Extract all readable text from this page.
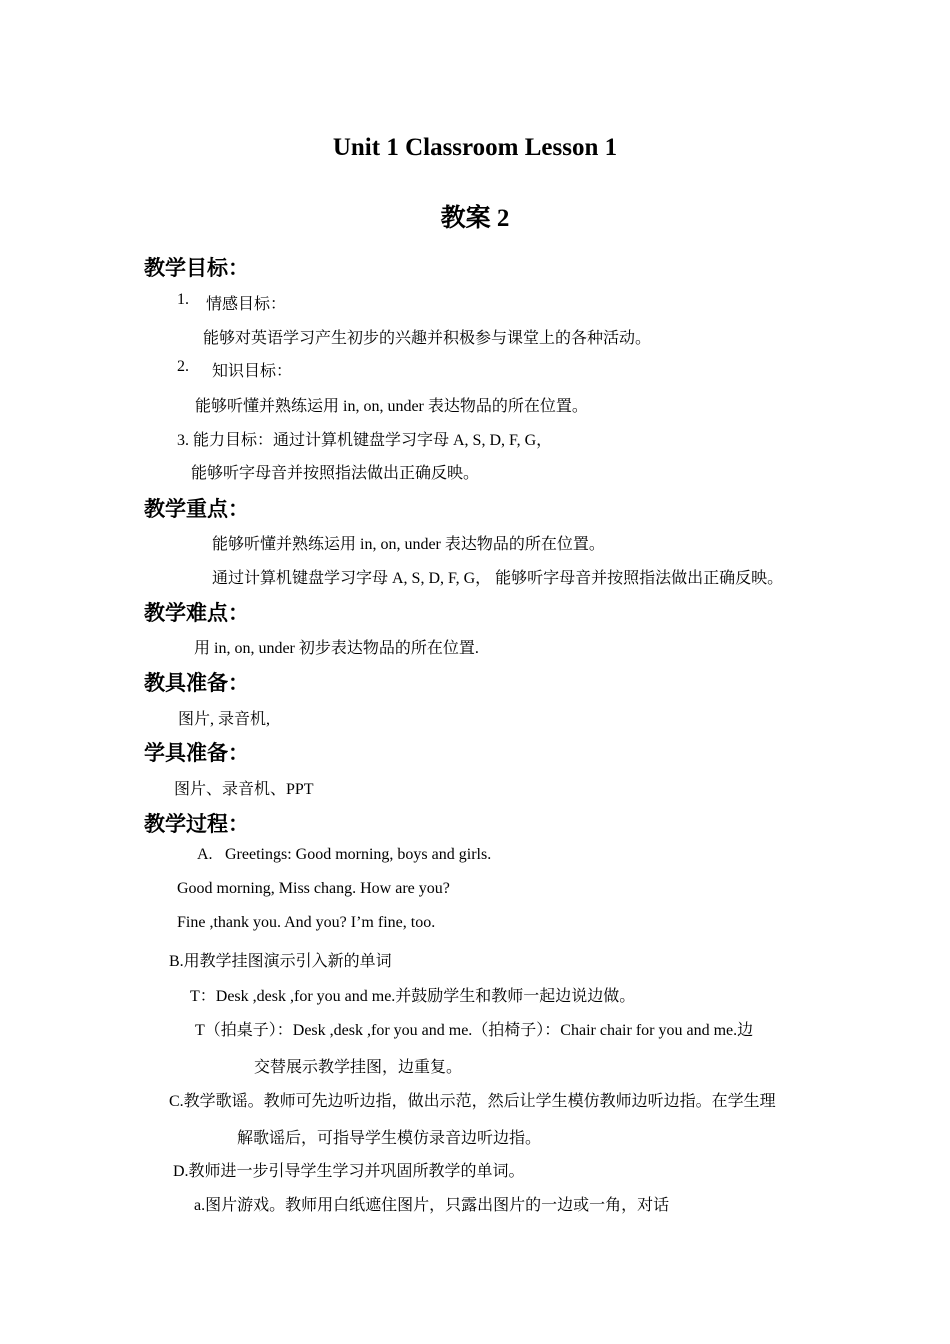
Unit 1 Classroom Lesson 1
教案 2
教学目标：
1. 情感目标：
能够对英语学习产生初步的兴趣并积极参与课堂上的各种活动。
2. 知识目标：
能够听懂并熟练运用 in, on, under 表达物品的所在位置。
3. 能力目标：通过计算机键盘学习字母 A, S, D, F, G，
能够听字母音并按照指法做出正确反映。
教学重点：
能够听懂并熟练运用 in, on, under 表达物品的所在位置。
通过计算机键盘学习字母 A, S, D, F, G， 能够听字母音并按照指法做出正确反映。
教学难点：
用 in, on, under 初步表达物品的所在位置.
教具准备：
图片, 录音机,
学具准备：
图片、录音机、PPT
教学过程：
A. Greetings: Good morning, boys and girls.
Good morning, Miss chang. How are you?
Fine ,thank you. And you? I’m fine, too.
B.用教学挂图演示引入新的单词
T：Desk ,desk ,for you and me.并鼓励学生和教师一起边说边做。
T（拍桌子）：Desk ,desk ,for you and me.（拍椅子）：Chair chair for you and me.边
交替展示教学挂图，边重复。
C.教学歌谣。教师可先边听边指，做出示范，然后让学生模仿教师边听边指。在学生理
解歌谣后，可指导学生模仿录音边听边指。
D.教师进一步引导学生学习并巩固所教学的单词。
a.图片游戏。教师用白纸遮住图片，只露出图片的一边或一角，对话
